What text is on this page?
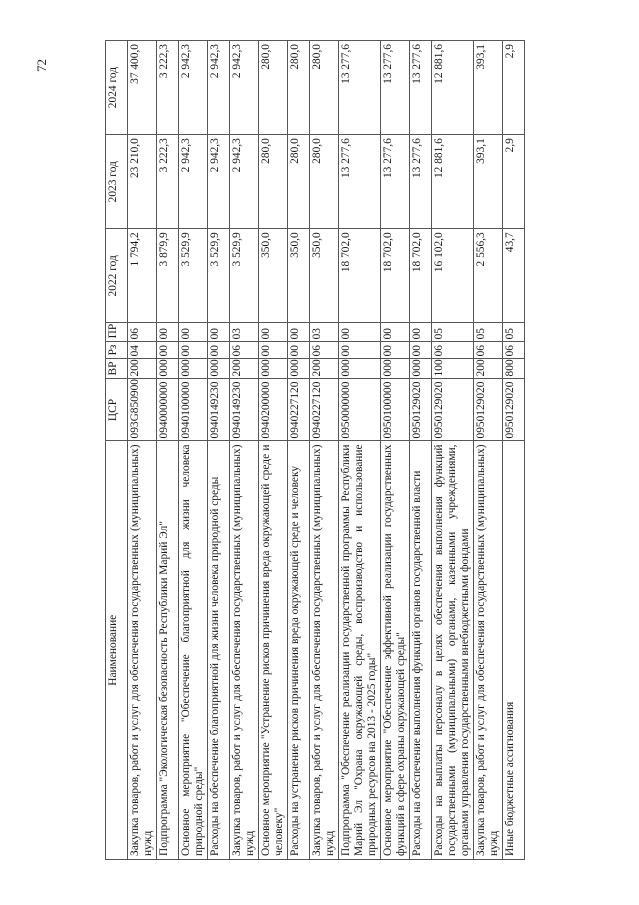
72
Наименование	ЦСР	ВР	Рз	ПР	2022 год	2023 год	2024 год
Закупка товаров, работ и услуг для обеспечения государственных (муниципальных) нужд	093G850900	200	04	06	1 794,2	23 210,0	37 400,0
Подпрограмма "Экологическая безопасность Республики Марий Эл"	0940000000	000	00	00	3 879,9	3 222,3	3 222,3
Основное мероприятие "Обеспечение благоприятной для жизни человека природной среды"	0940100000	000	00	00	3 529,9	2 942,3	2 942,3
Расходы на обеспечение благоприятной для жизни человека природной среды	0940149230	000	00	00	3 529,9	2 942,3	2 942,3
Закупка товаров, работ и услуг для обеспечения государственных (муниципальных) нужд	0940149230	200	06	03	3 529,9	2 942,3	2 942,3
Основное мероприятие "Устранение рисков причинения вреда окружающей среде и человеку"	0940200000	000	00	00	350,0	280,0	280,0
Расходы на устранение рисков причинения вреда окружающей среде и человеку	0940227120	000	00	00	350,0	280,0	280,0
Закупка товаров, работ и услуг для обеспечения государственных (муниципальных) нужд	0940227120	200	06	03	350,0	280,0	280,0
Подпрограмма "Обеспечение реализации государственной программы Республики Марий Эл "Охрана окружающей среды, воспроизводство и использование природных ресурсов на 2013 - 2025 годы"	0950000000	000	00	00	18 702,0	13 277,6	13 277,6
Основное мероприятие "Обеспечение эффективной реализации государственных функций в сфере охраны окружающей среды"	0950100000	000	00	00	18 702,0	13 277,6	13 277,6
Расходы на обеспечение выполнения функций органов государственной власти	0950129020	000	00	00	18 702,0	13 277,6	13 277,6
Расходы на выплаты персоналу в целях обеспечения выполнения функций государственными (муниципальными) органами, казенными учреждениями, органами управления государственными внебюджетными фондами	0950129020	100	06	05	16 102,0	12 881,6	12 881,6
Закупка товаров, работ и услуг для обеспечения государственных (муниципальных) нужд	0950129020	200	06	05	2 556,3	393,1	393,1
Иные бюджетные ассигнования	0950129020	800	06	05	43,7	2,9	2,9
